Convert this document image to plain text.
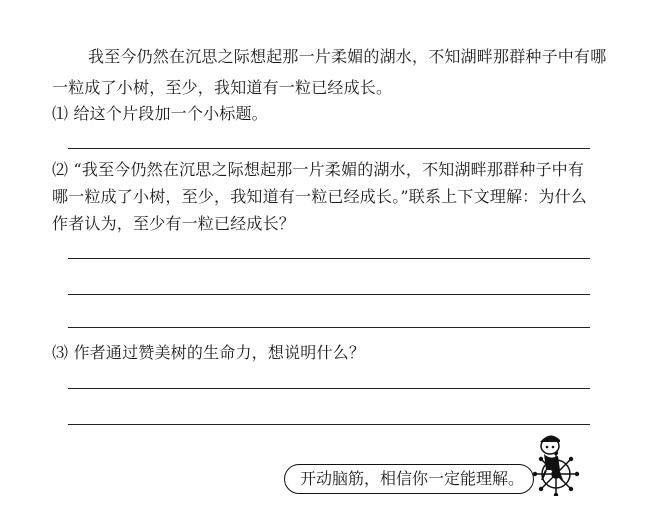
我至今仍然在沉思之际想起那一片柔媚的湖水，不知湖畔那群种子中有哪
一粒成了小树，至少，我知道有一粒已经成长。
⑴ 给这个片段加一个小标题。
⑵ “我至今仍然在沉思之际想起那一片柔媚的湖水，不知湖畔那群种子中有
哪一粒成了小树，至少，我知道有一粒已经成长。”联系上下文理解：为什么
作者认为，至少有一粒已经成长？
⑶ 作者通过赞美树的生命力，想说明什么？
开动脑筋，相信你一定能理解。
